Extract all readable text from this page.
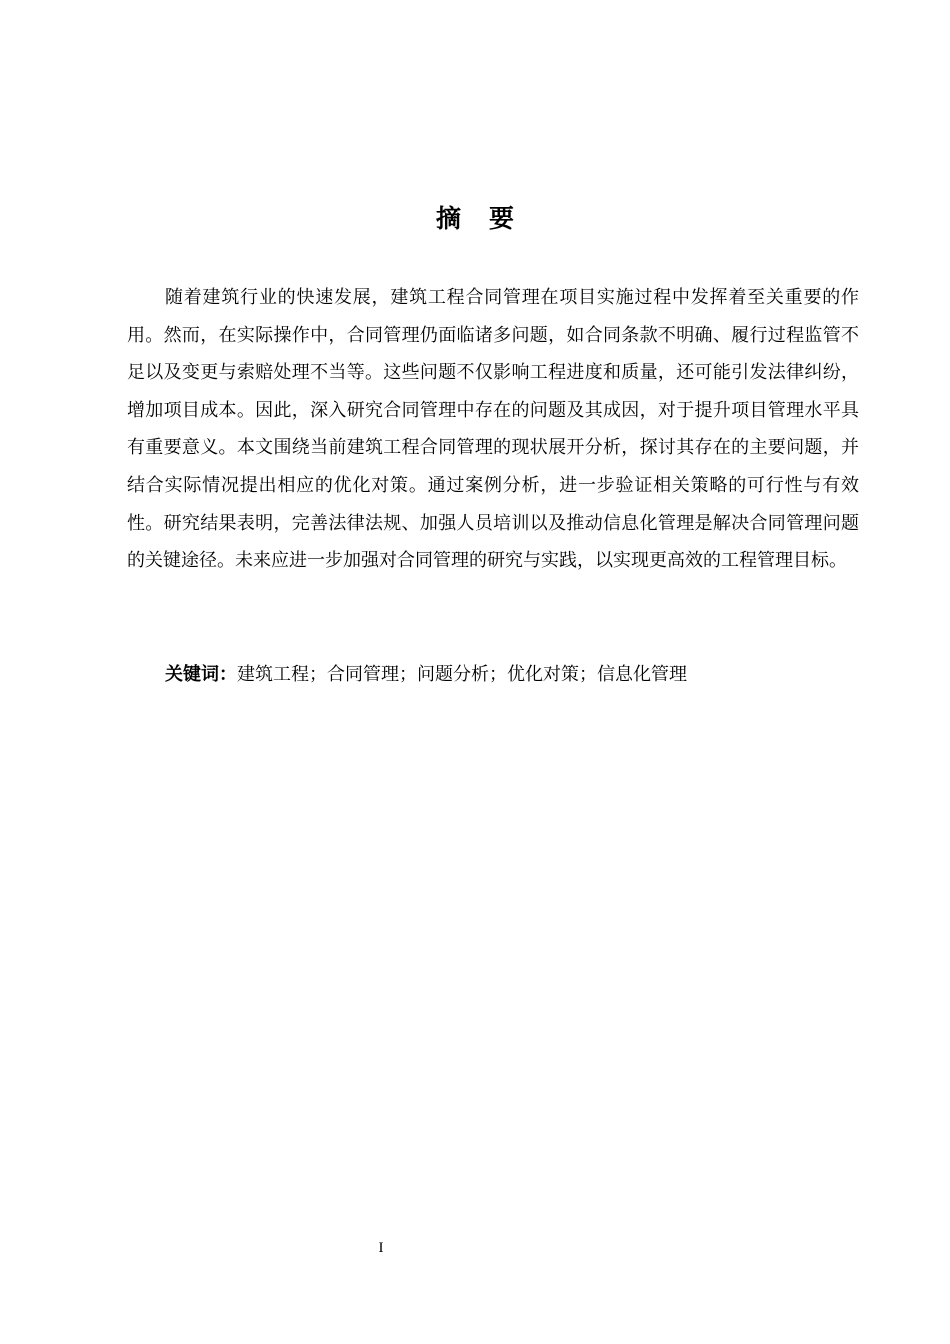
摘 要

随着建筑行业的快速发展，建筑工程合同管理在项目实施过程中发挥着至关重要的作用。然而，在实际操作中，合同管理仍面临诸多问题，如合同条款不明确、履行过程监管不足以及变更与索赔处理不当等。这些问题不仅影响工程进度和质量，还可能引发法律纠纷，增加项目成本。因此，深入研究合同管理中存在的问题及其成因，对于提升项目管理水平具有重要意义。本文围绕当前建筑工程合同管理的现状展开分析，探讨其存在的主要问题，并结合实际情况提出相应的优化对策。通过案例分析，进一步验证相关策略的可行性与有效性。研究结果表明，完善法律法规、加强人员培训以及推动信息化管理是解决合同管理问题的关键途径。未来应进一步加强对合同管理的研究与实践，以实现更高效的工程管理目标。

关键词：建筑工程；合同管理；问题分析；优化对策；信息化管理
I
